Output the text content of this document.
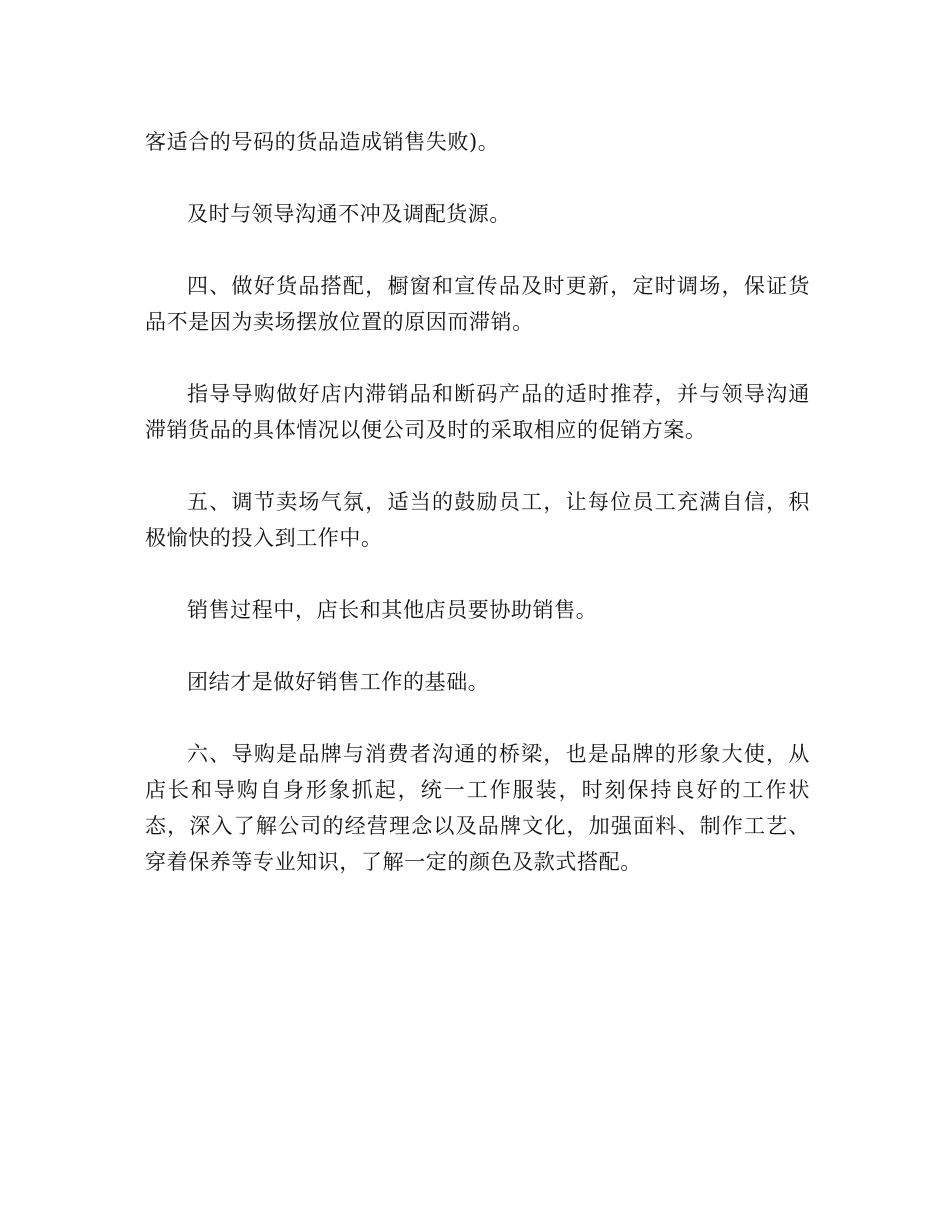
客适合的号码的货品造成销售失败)。

及时与领导沟通不冲及调配货源。

四、做好货品搭配，橱窗和宣传品及时更新，定时调场，保证货品不是因为卖场摆放位置的原因而滞销。

指导导购做好店内滞销品和断码产品的适时推荐，并与领导沟通滞销货品的具体情况以便公司及时的采取相应的促销方案。

五、调节卖场气氛，适当的鼓励员工，让每位员工充满自信，积极愉快的投入到工作中。

销售过程中，店长和其他店员要协助销售。

团结才是做好销售工作的基础。

六、导购是品牌与消费者沟通的桥梁，也是品牌的形象大使，从店长和导购自身形象抓起，统一工作服装，时刻保持良好的工作状态，深入了解公司的经营理念以及品牌文化，加强面料、制作工艺、穿着保养等专业知识，了解一定的颜色及款式搭配。
